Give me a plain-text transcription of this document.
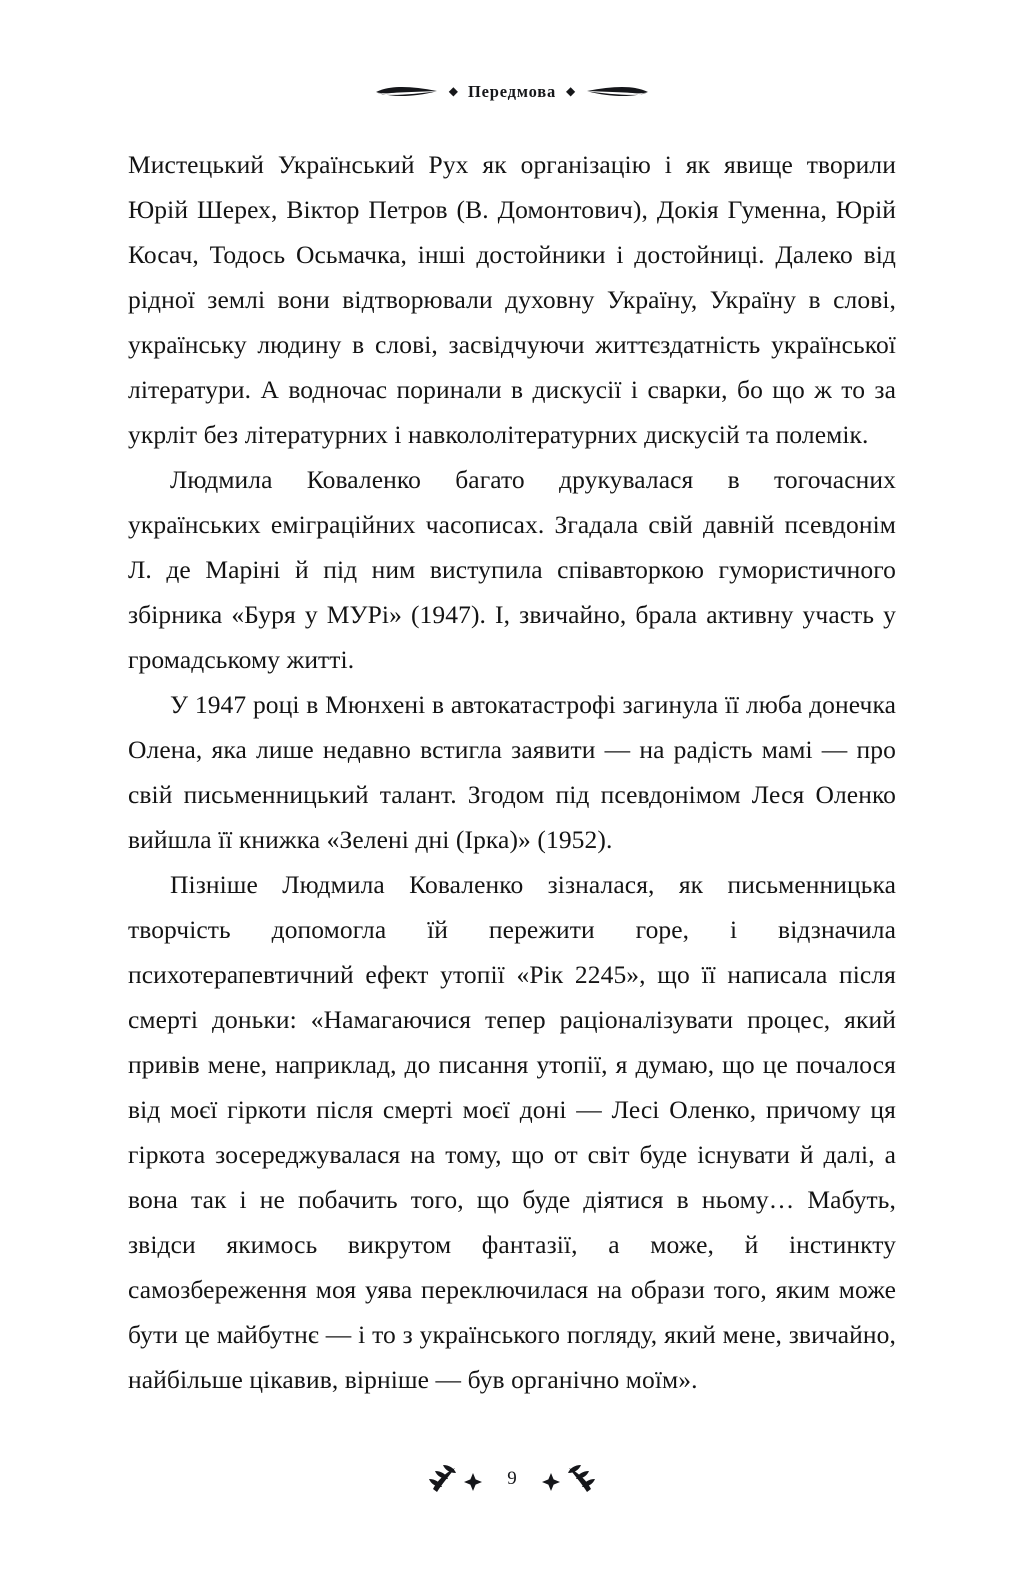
◆ Передмова ◆

Мистецький Український Рух як організацію і як явище творили Юрій Шерех, Віктор Петров (В. Домонтович), Докія Гуменна, Юрій Косач, Тодось Осьмачка, інші достойники і достойниці. Далеко від рідної землі вони відтворювали духовну Україну, Україну в слові, українську людину в слові, засвідчуючи життєздатність української літератури. А водночас поринали в дискусії і сварки, бо що ж то за укрліт без літературних і навкололітературних дискусій та полемік.

Людмила Коваленко багато друкувалася в тогочасних українських еміграційних часописах. Згадала свій давній псевдонім Л. де Маріні й під ним виступила співавторкою гумористичного збірника «Буря у МУРі» (1947). І, звичайно, брала активну участь у громадському житті.

У 1947 році в Мюнхені в автокатастрофі загинула її люба донечка Олена, яка лише недавно встигла заявити — на радість мамі — про свій письменницький талант. Згодом під псевдонімом Леся Оленко вийшла її книжка «Зелені дні (Ірка)» (1952).

Пізніше Людмила Коваленко зізналася, як письменницька творчість допомогла їй пережити горе, і відзначила психотерапевтичний ефект утопії «Рік 2245», що її написала після смерті доньки: «Намагаючися тепер раціоналізувати процес, який привів мене, наприклад, до писання утопії, я думаю, що це почалося від моєї гіркоти після смерті моєї доні — Лесі Оленко, причому ця гіркота зосереджувалася на тому, що от світ буде існувати й далі, а вона так і не побачить того, що буде діятися в ньому… Мабуть, звідси якимось викрутом фантазії, а може, й інстинкту самозбереження моя уява переключилася на образи того, яким може бути це майбутнє — і то з українського погляду, який мене, звичайно, найбільше цікавив, вірніше — був органічно моїм».

9
